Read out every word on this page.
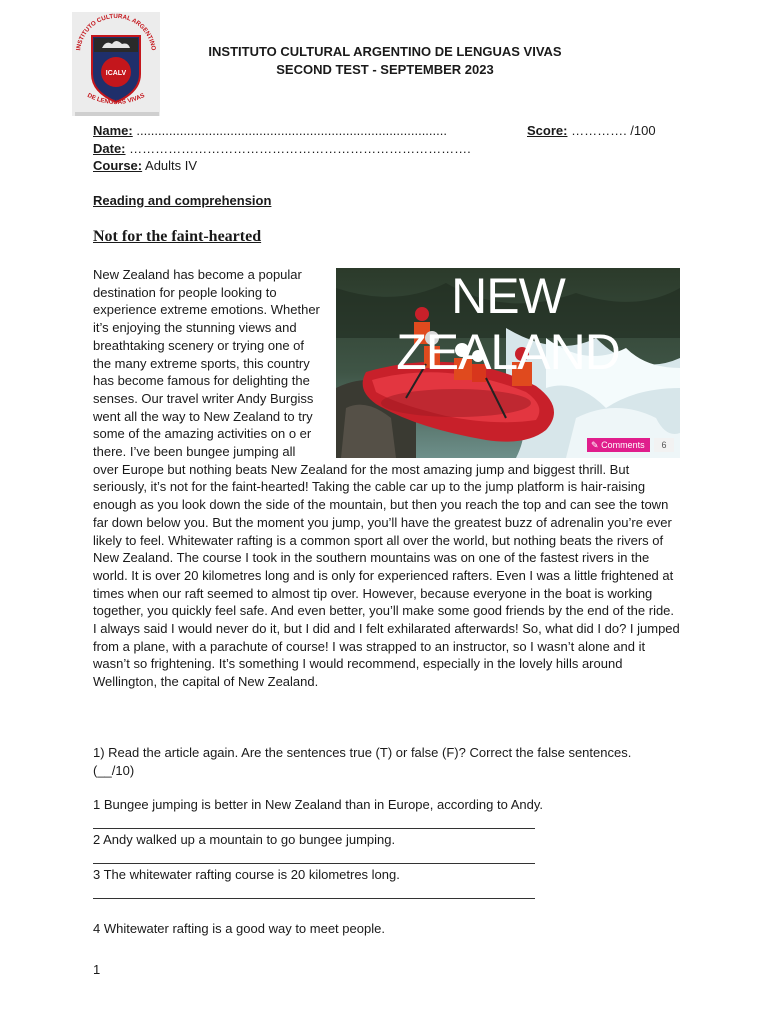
INSTITUTO CULTURAL ARGENTINO
ICALV
DE LENGUAS VIVAS
INSTITUTO CULTURAL ARGENTINO DE LENGUAS VIVAS
SECOND TEST - SEPTEMBER 2023
Name: ......................................................................................	Score: …………. /100
Date: …………………………………………………………………….
Course: Adults IV
Reading and comprehension
Not for the faint-hearted
New Zealand has become a popular destination for people looking to experience extreme emotions. Whether it’s enjoying the stunning views and breathtaking scenery or trying one of the many extreme sports, this country has become famous for delighting the senses. Our travel writer Andy Burgiss went all the way to New Zealand to try some of the amazing activities on o er there. I’ve been bungee jumping all over Europe but nothing beats New Zealand for the most amazing jump and biggest thrill. But seriously, it’s not for the faint-hearted! Taking the cable car up to the jump platform is hair-raising enough as you look down the side of the mountain, but then you reach the top and can see the town far down below you. But the moment you jump, you’ll have the greatest buzz of adrenalin you’re ever likely to feel. Whitewater rafting is a common sport all over the world, but nothing beats the rivers of New Zealand. The course I took in the southern mountains was on one of the fastest rivers in the world. It is over 20 kilometres long and is only for experienced rafters. Even I was a little frightened at times when our raft seemed to almost tip over. However, because everyone in the boat is working together, you quickly feel safe. And even better, you’ll make some good friends by the end of the ride. I always said I would never do it, but I did and I felt exhilarated afterwards! So, what did I do? I jumped from a plane, with a parachute of course! I was strapped to an instructor, so I wasn’t alone and it wasn’t so frightening. It’s something I would recommend, especially in the lovely hills around Wellington, the capital of New Zealand.
NEW ZEALAND
✎ Comments	6
1) Read the article again. Are the sentences true (T) or false (F)? Correct the false sentences. (__/10)
1 Bungee jumping is better in New Zealand than in Europe, according to Andy.
2 Andy walked up a mountain to go bungee jumping.
3 The whitewater rafting course is 20 kilometres long.
4 Whitewater rafting is a good way to meet people.
1
